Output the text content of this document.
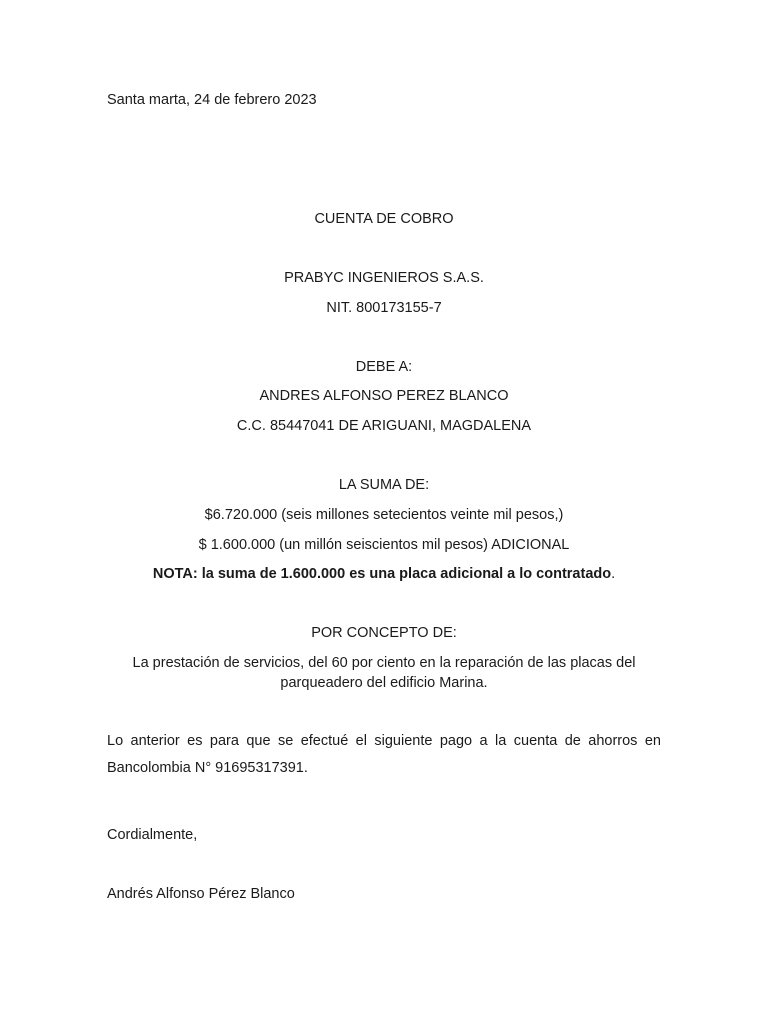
Santa marta, 24 de febrero 2023
CUENTA DE COBRO
PRABYC INGENIEROS S.A.S.
NIT. 800173155-7
DEBE A:
ANDRES ALFONSO PEREZ BLANCO
C.C. 85447041 DE ARIGUANI, MAGDALENA
LA SUMA DE:
$6.720.000 (seis millones setecientos veinte mil pesos,)
$ 1.600.000 (un millón seiscientos mil pesos) ADICIONAL
NOTA: la suma de 1.600.000 es una placa adicional a lo contratado.
POR CONCEPTO DE:
La prestación de servicios, del 60 por ciento en la reparación de las placas del parqueadero del edificio Marina.
Lo anterior es para que se efectué el siguiente pago a la cuenta de ahorros en Bancolombia N° 91695317391.
Cordialmente,
Andrés Alfonso Pérez Blanco
